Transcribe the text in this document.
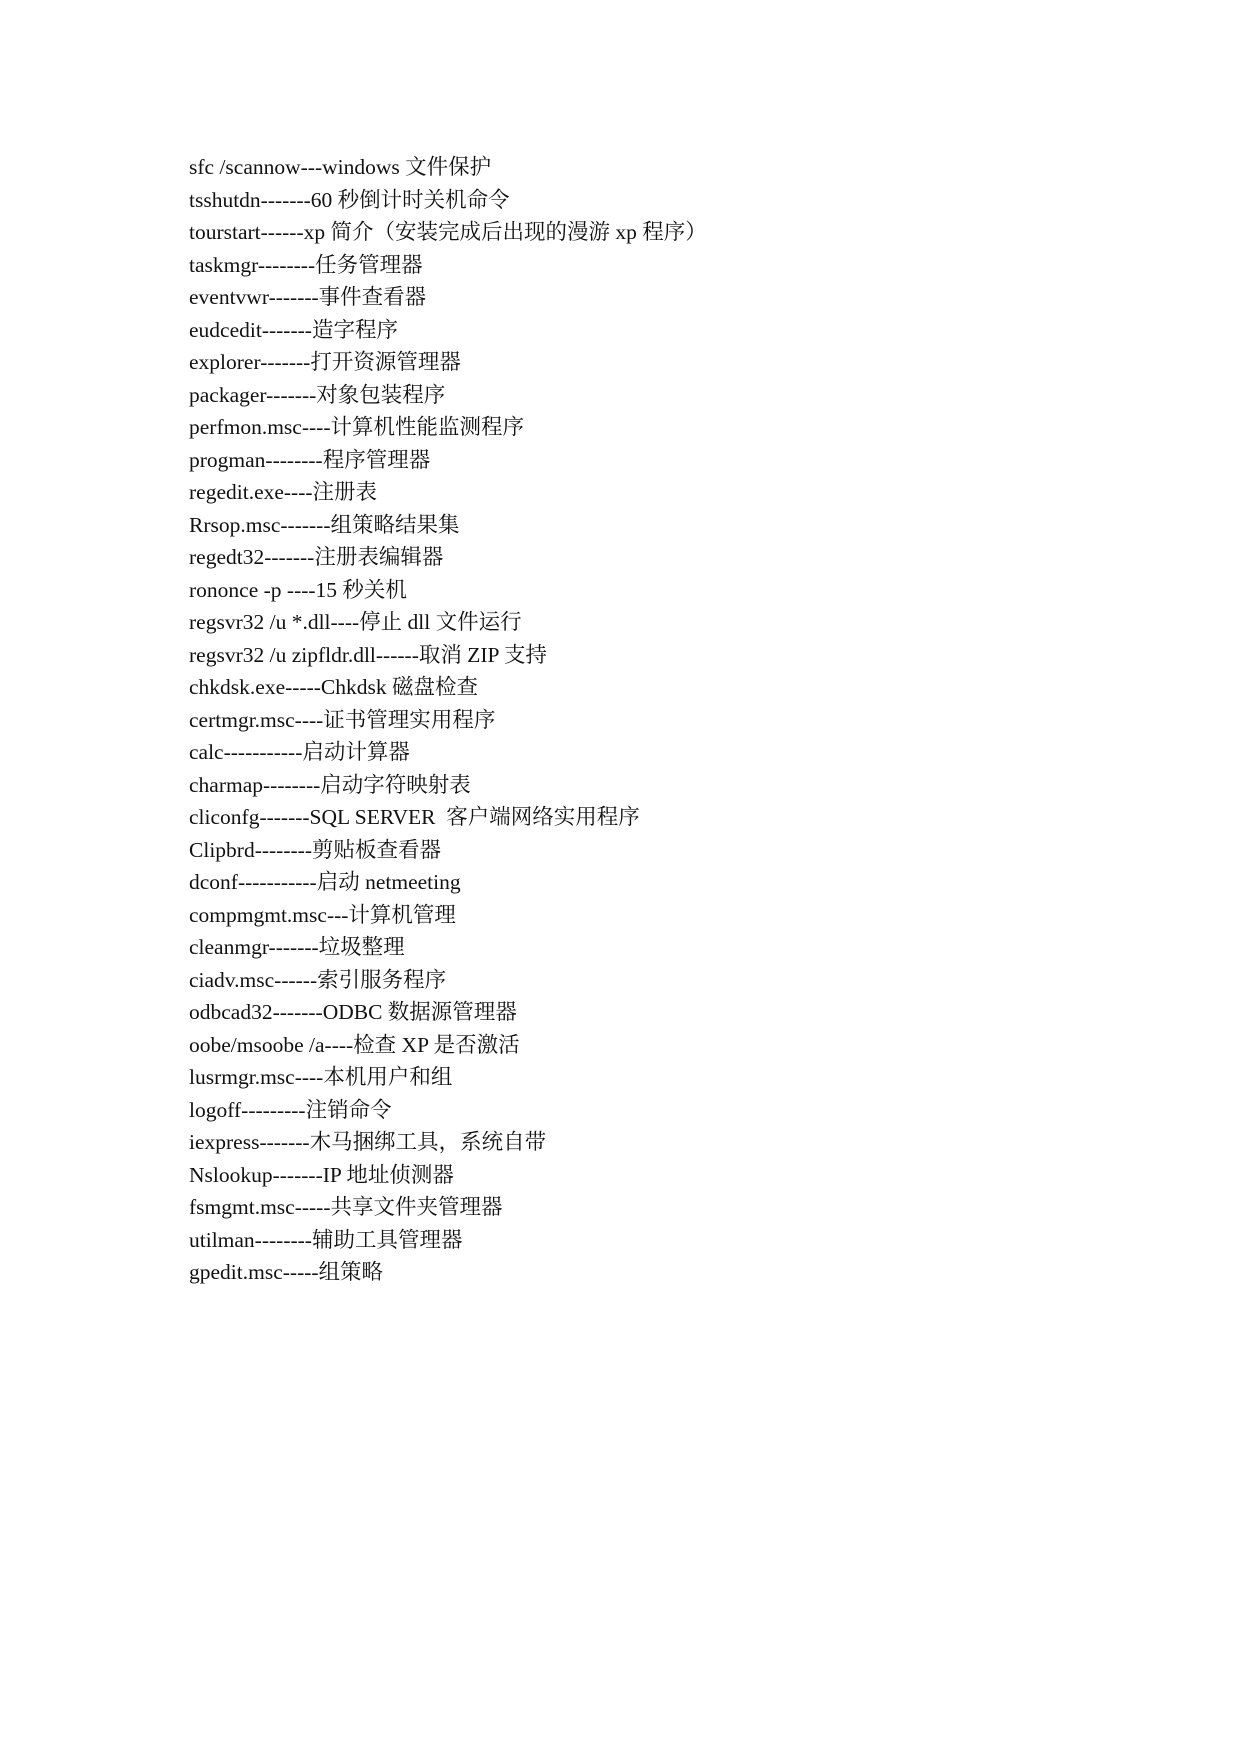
sfc /scannow---windows 文件保护
tsshutdn-------60 秒倒计时关机命令
tourstart------xp 简介（安装完成后出现的漫游 xp 程序）
taskmgr--------任务管理器
eventvwr-------事件查看器
eudcedit-------造字程序
explorer-------打开资源管理器
packager-------对象包装程序
perfmon.msc----计算机性能监测程序
progman--------程序管理器
regedit.exe----注册表
Rrsop.msc-------组策略结果集
regedt32-------注册表编辑器
rononce -p ----15 秒关机
regsvr32 /u *.dll----停止 dll 文件运行
regsvr32 /u zipfldr.dll------取消 ZIP 支持
chkdsk.exe-----Chkdsk 磁盘检查
certmgr.msc----证书管理实用程序
calc-----------启动计算器
charmap--------启动字符映射表
cliconfg-------SQL SERVER  客户端网络实用程序
Clipbrd--------剪贴板查看器
dconf-----------启动 netmeeting
compmgmt.msc---计算机管理
cleanmgr-------垃圾整理
ciadv.msc------索引服务程序
odbcad32-------ODBC 数据源管理器
oobe/msoobe /a----检查 XP 是否激活
lusrmgr.msc----本机用户和组
logoff---------注销命令
iexpress-------木马捆绑工具，系统自带
Nslookup-------IP 地址侦测器
fsmgmt.msc-----共享文件夹管理器
utilman--------辅助工具管理器
gpedit.msc-----组策略
